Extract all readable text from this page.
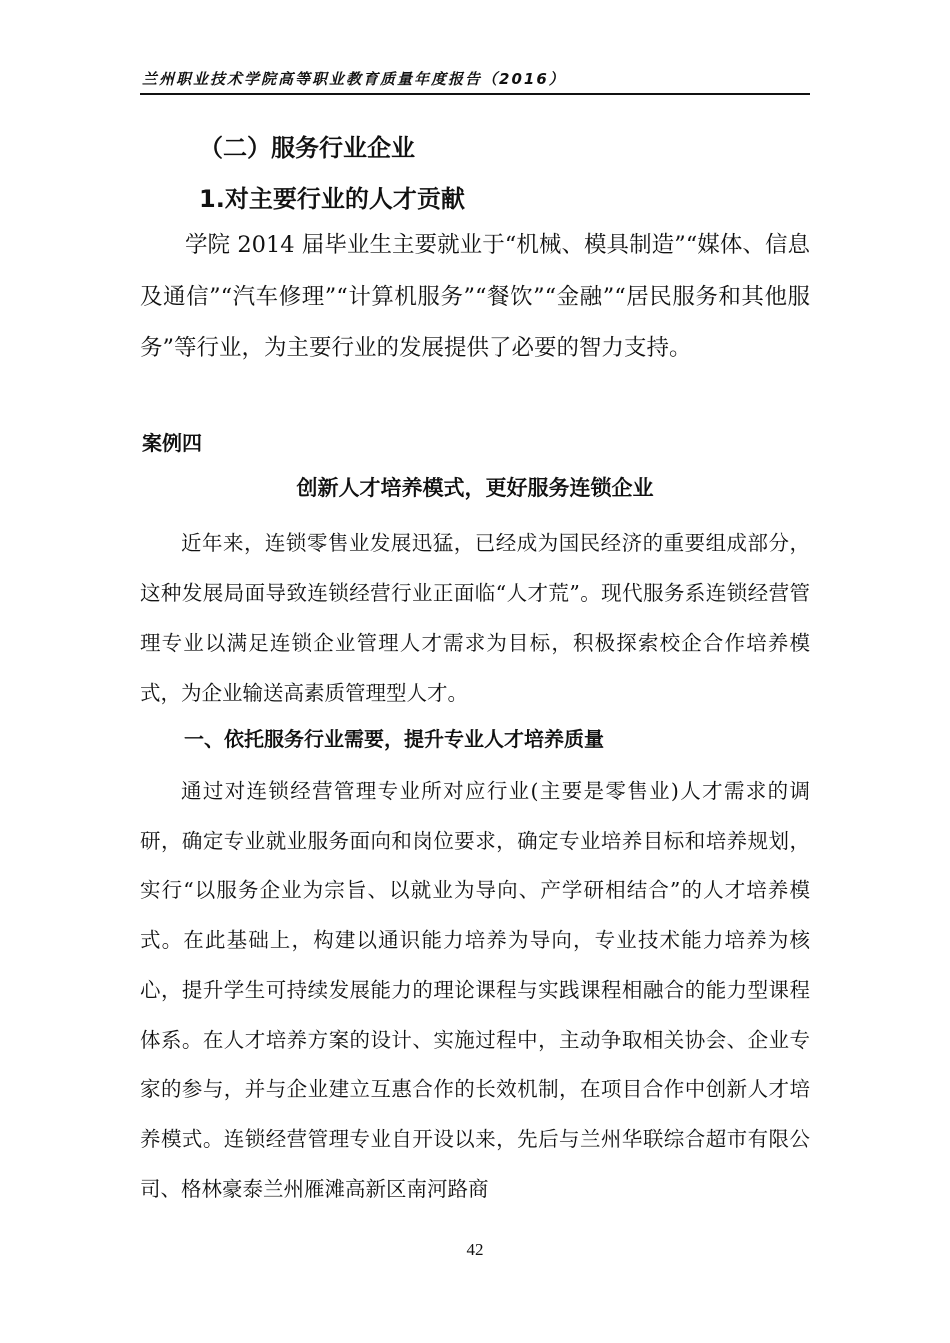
兰州职业技术学院高等职业教育质量年度报告（2016）
（二）服务行业企业
1.对主要行业的人才贡献

学院 2014 届毕业生主要就业于“机械、模具制造”“媒体、信息及通信”“汽车修理”“计算机服务”“餐饮”“金融”“居民服务和其他服务”等行业，为主要行业的发展提供了必要的智力支持。

案例四
创新人才培养模式，更好服务连锁企业

近年来，连锁零售业发展迅猛，已经成为国民经济的重要组成部分，这种发展局面导致连锁经营行业正面临“人才荒”。现代服务系连锁经营管理专业以满足连锁企业管理人才需求为目标，积极探索校企合作培养模式，为企业输送高素质管理型人才。

一、依托服务行业需要，提升专业人才培养质量

通过对连锁经营管理专业所对应行业(主要是零售业)人才需求的调研，确定专业就业服务面向和岗位要求，确定专业培养目标和培养规划，实行“以服务企业为宗旨、以就业为导向、产学研相结合”的人才培养模式。在此基础上，构建以通识能力培养为导向，专业技术能力培养为核心，提升学生可持续发展能力的理论课程与实践课程相融合的能力型课程体系。在人才培养方案的设计、实施过程中，主动争取相关协会、企业专家的参与，并与企业建立互惠合作的长效机制，在项目合作中创新人才培养模式。连锁经营管理专业自开设以来，先后与兰州华联综合超市有限公司、格林豪泰兰州雁滩高新区南河路商

42
